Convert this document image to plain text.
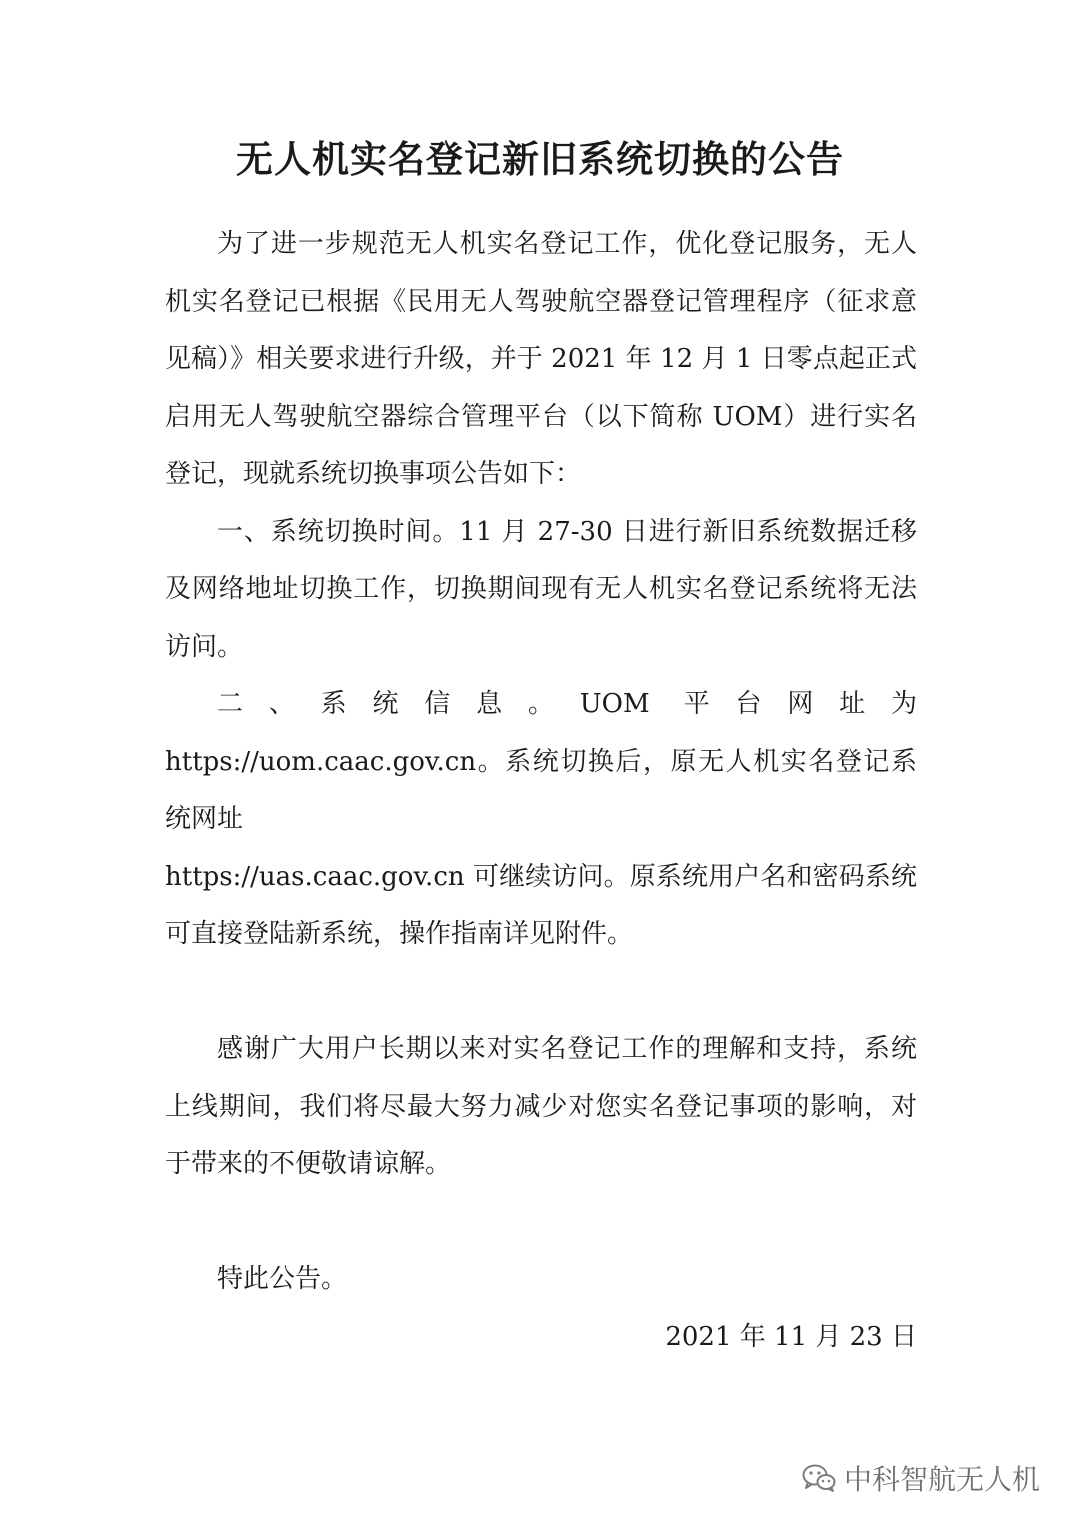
无人机实名登记新旧系统切换的公告

为了进一步规范无人机实名登记工作，优化登记服务，无人机实名登记已根据《民用无人驾驶航空器登记管理程序（征求意见稿）》相关要求进行升级，并于 2021 年 12 月 1 日零点起正式启用无人驾驶航空器综合管理平台（以下简称 UOM）进行实名登记，现就系统切换事项公告如下：

一、系统切换时间。11 月 27-30 日进行新旧系统数据迁移及网络地址切换工作，切换期间现有无人机实名登记系统将无法访问。

二、系统信息。UOM 平台网址为 https://uom.caac.gov.cn。系统切换后，原无人机实名登记系统网址

https://uas.caac.gov.cn 可继续访问。原系统用户名和密码系统可直接登陆新系统，操作指南详见附件。

感谢广大用户长期以来对实名登记工作的理解和支持，系统上线期间，我们将尽最大努力减少对您实名登记事项的影响，对于带来的不便敬请谅解。

特此公告。

2021 年 11 月 23 日

中科智航无人机
